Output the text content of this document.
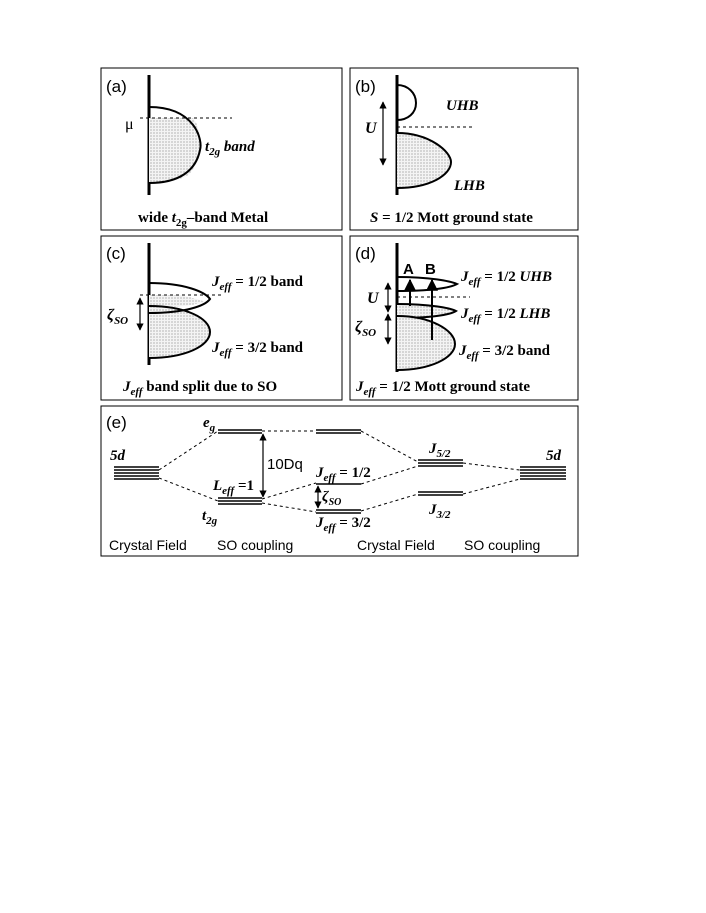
(a)
μ
$t_{2g}$ band
wide $t_{2g}$–band Metal
(b)
U
UHB
LHB
S = 1/2 Mott ground state
(c)
$\zeta_{SO}$
$J_{eff} = 1/2$ band
$J_{eff} = 3/2$ band
$J_{eff}$ band split due to SO
(d)
A B
U
$\zeta_{SO}$
$J_{eff} = 1/2$ UHB
$J_{eff} = 1/2$ LHB
$J_{eff} = 3/2$ band
$J_{eff} = 1/2$ Mott ground state
(e)
5d
$e_g$
$t_{2g}$
10Dq
$L_{eff} =1$
$J_{eff} = 1/2$
$\zeta_{SO}$
$J_{eff} = 3/2$
$J_{5/2}$
$J_{3/2}$
5d
Crystal Field SO coupling	Crystal Field SO coupling
